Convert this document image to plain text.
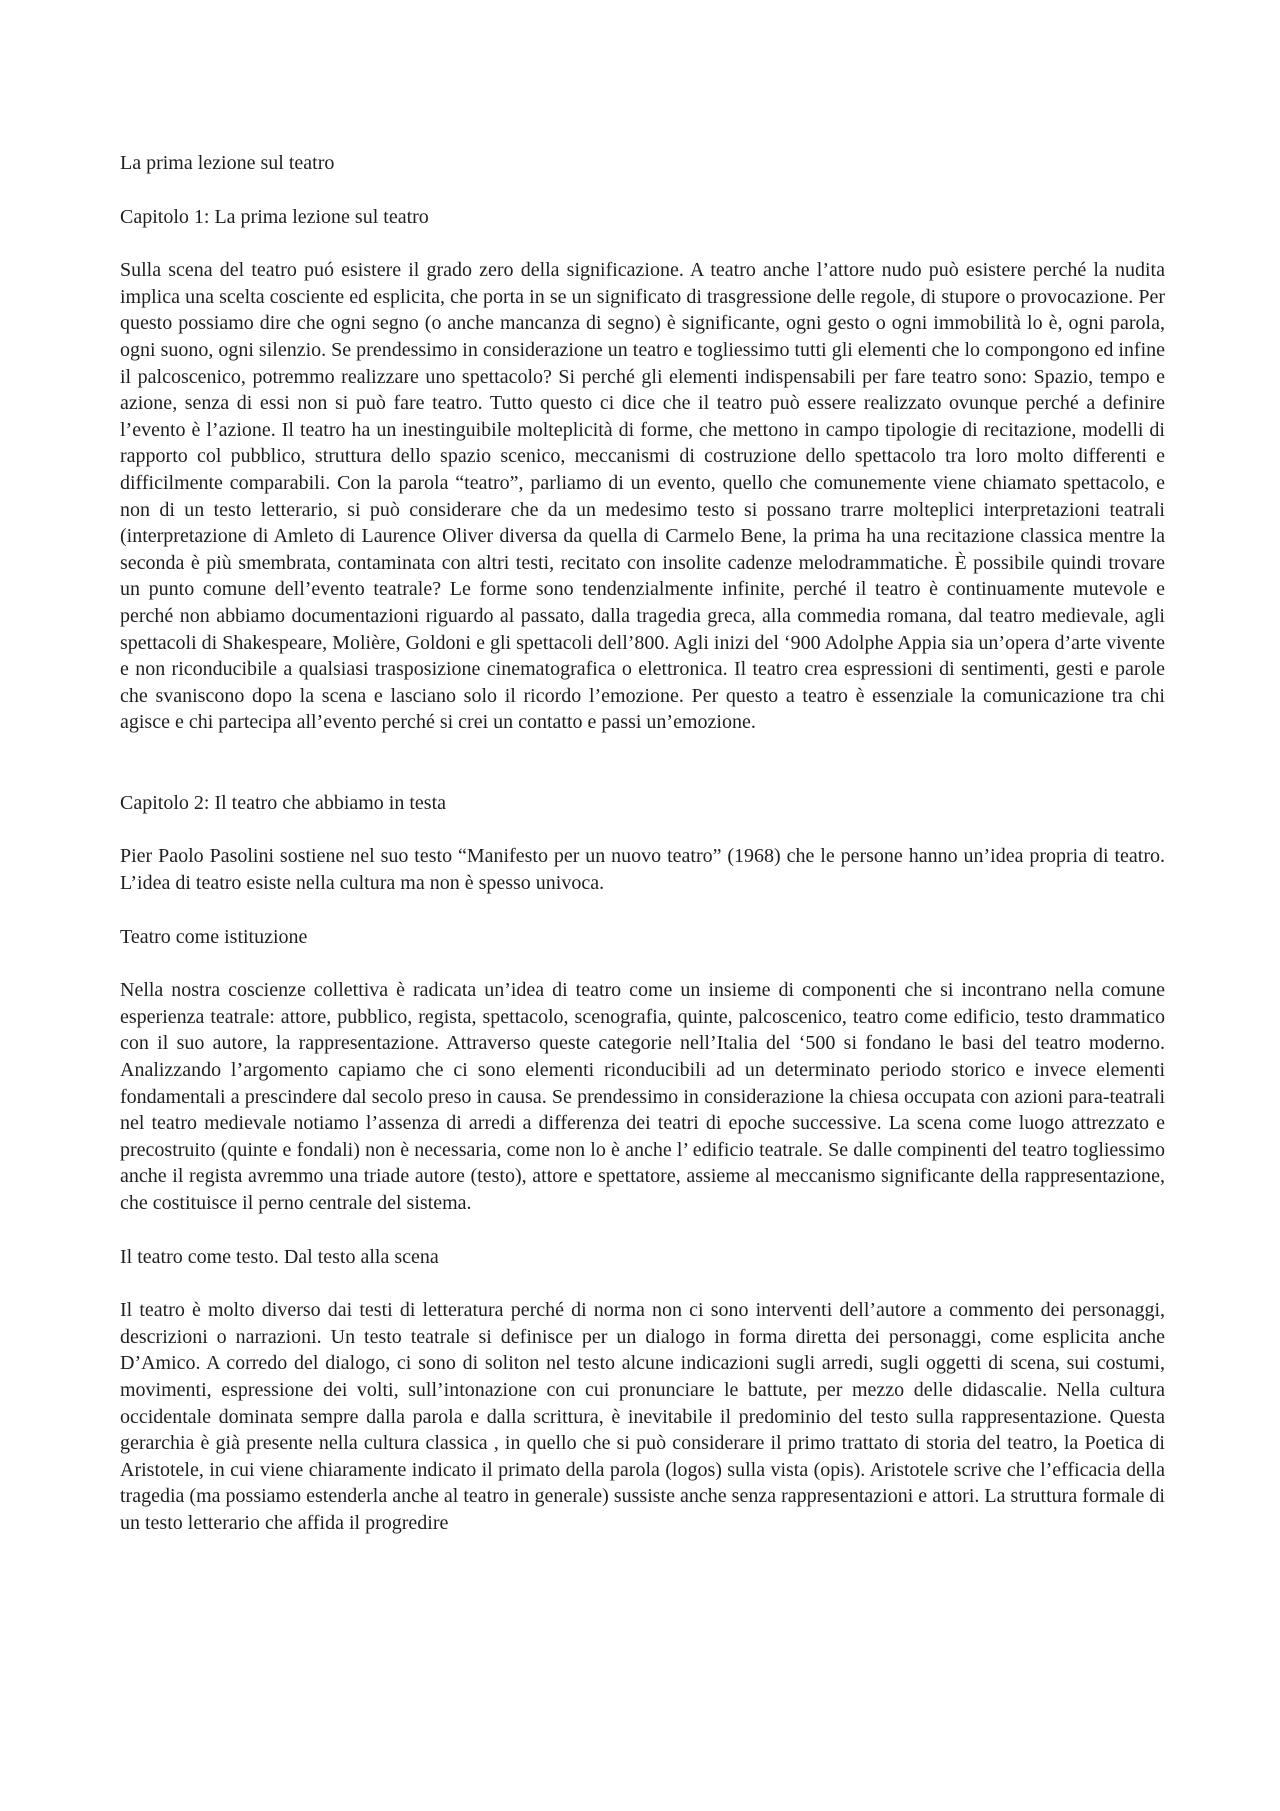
La prima lezione sul teatro
Capitolo 1: La prima lezione sul teatro

Sulla scena del teatro puó esistere il grado zero della significazione. A teatro anche l’attore nudo può esistere perché la nudita implica una scelta cosciente ed esplicita, che porta in se un significato di trasgressione delle regole, di stupore o provocazione. Per questo possiamo dire che ogni segno (o anche mancanza di segno) è significante, ogni gesto o ogni immobilità lo è, ogni parola, ogni suono, ogni silenzio. Se prendessimo in considerazione un teatro e togliessimo tutti gli elementi che lo compongono ed infine il palcoscenico, potremmo realizzare uno spettacolo? Si perché gli elementi indispensabili per fare teatro sono: Spazio, tempo e azione, senza di essi non si può fare teatro. Tutto questo ci dice che il teatro può essere realizzato ovunque perché a definire l’evento è l’azione. Il teatro ha un inestinguibile molteplicità di forme, che mettono in campo tipologie di recitazione, modelli di rapporto col pubblico, struttura dello spazio scenico, meccanismi di costruzione dello spettacolo tra loro molto differenti e difficilmente comparabili. Con la parola “teatro”, parliamo di un evento, quello che comunemente viene chiamato spettacolo, e non di un testo letterario, si può considerare che da un medesimo testo si possano trarre molteplici interpretazioni teatrali (interpretazione di Amleto di Laurence Oliver diversa da quella di Carmelo Bene, la prima ha una recitazione classica mentre la seconda è più smembrata, contaminata con altri testi, recitato con insolite cadenze melodrammatiche. È possibile quindi trovare un punto comune dell’evento teatrale? Le forme sono tendenzialmente infinite, perché il teatro è continuamente mutevole e perché non abbiamo documentazioni riguardo al passato, dalla tragedia greca, alla commedia romana, dal teatro medievale, agli spettacoli di Shakespeare, Molière, Goldoni e gli spettacoli dell’800. Agli inizi del ‘900 Adolphe Appia sia un’opera d’arte vivente e non riconducibile a qualsiasi trasposizione cinematografica o elettronica. Il teatro crea espressioni di sentimenti, gesti e parole che svaniscono dopo la scena e lasciano solo il ricordo l’emozione. Per questo a teatro è essenziale la comunicazione tra chi agisce e chi partecipa all’evento perché si crei un contatto e passi un’emozione.

Capitolo 2: Il teatro che abbiamo in testa

Pier Paolo Pasolini sostiene nel suo testo “Manifesto per un nuovo teatro” (1968) che le persone hanno un’idea propria di teatro. L’idea di teatro esiste nella cultura ma non è spesso univoca.

Teatro come istituzione

Nella nostra coscienze collettiva è radicata un’idea di teatro come un insieme di componenti che si incontrano nella comune esperienza teatrale: attore, pubblico, regista, spettacolo, scenografia, quinte, palcoscenico, teatro come edificio, testo drammatico con il suo autore, la rappresentazione. Attraverso queste categorie nell’Italia del ‘500 si fondano le basi del teatro moderno. Analizzando l’argomento capiamo che ci sono elementi riconducibili ad un determinato periodo storico e invece elementi fondamentali a prescindere dal secolo preso in causa. Se prendessimo in considerazione la chiesa occupata con azioni para-teatrali nel teatro medievale notiamo l’assenza di arredi a differenza dei teatri di epoche successive. La scena come luogo attrezzato e precostruito (quinte e fondali) non è necessaria, come non lo è anche l’ edificio teatrale. Se dalle compinenti del teatro togliessimo anche il regista avremmo una triade autore (testo), attore e spettatore, assieme al meccanismo significante della rappresentazione, che costituisce il perno centrale del sistema.

Il teatro come testo. Dal testo alla scena

Il teatro è molto diverso dai testi di letteratura perché di norma non ci sono interventi dell’autore a commento dei personaggi, descrizioni o narrazioni. Un testo teatrale si definisce per un dialogo in forma diretta dei personaggi, come esplicita anche D’Amico. A corredo del dialogo, ci sono di soliton nel testo alcune indicazioni sugli arredi, sugli oggetti di scena, sui costumi, movimenti, espressione dei volti, sull’intonazione con cui pronunciare le battute, per mezzo delle didascalie. Nella cultura occidentale dominata sempre dalla parola e dalla scrittura, è inevitabile il predominio del testo sulla rappresentazione. Questa gerarchia è già presente nella cultura classica , in quello che si può considerare il primo trattato di storia del teatro, la Poetica di Aristotele, in cui viene chiaramente indicato il primato della parola (logos) sulla vista (opis). Aristotele scrive che l’efficacia della tragedia (ma possiamo estenderla anche al teatro in generale) sussiste anche senza rappresentazioni e attori. La struttura formale di un testo letterario che affida il progredire
